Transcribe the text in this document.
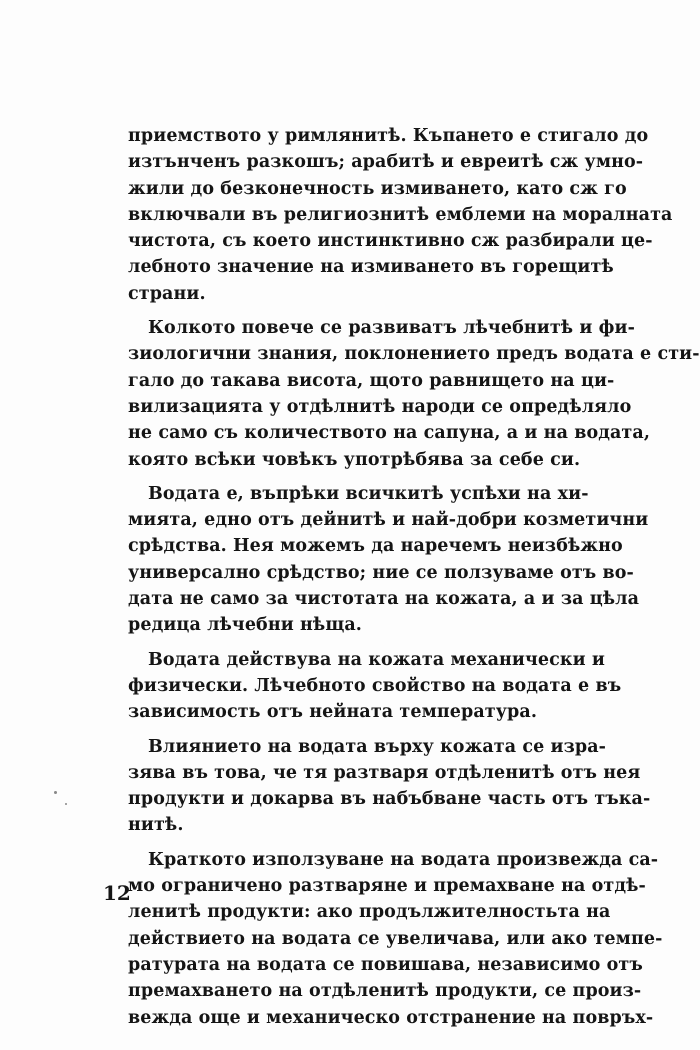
приемството у римлянитѣ. Къпането е стигало до
изтънченъ разкошъ; арабитѣ и евреитѣ сж умно-
жили до безконечность измиването, като сж го
включвали въ религиознитѣ емблеми на моралната
чистота, съ което инстинктивно сж разбирали це-
лебното значение на измиването въ горещитѣ
страни.
Колкото повече се развиватъ лѣчебнитѣ и фи-
зиологични знания, поклонението предъ водата е сти-
гало до такава висота, щото равнището на ци-
вилизацията у отдѣлнитѣ народи се опредѣляло
не само съ количеството на сапуна, а и на водата,
която всѣки човѣкъ употрѣбява за себе си.
Водата е, въпрѣки всичкитѣ успѣхи на хи-
мията, едно отъ дейнитѣ и най-добри козметични
срѣдства. Нея можемъ да наречемъ неизбѣжно
универсално срѣдство; ние се ползуваме отъ во-
дата не само за чистотата на кожата, а и за цѣла
редица лѣчебни нѣща.
Водата действува на кожата механически и
физически. Лѣчебното свойство на водата е въ
зависимость отъ нейната температура.
Влиянието на водата върху кожата се изра-
зява въ това, че тя разтваря отдѣленитѣ отъ нея
продукти и докарва въ набъбване часть отъ тъка-
нитѣ.
Краткото използуване на водата произвежда са-
мо ограничено разтваряне и премахване на отдѣ-
ленитѣ продукти: ако продължителностьта на
действието на водата се увеличава, или ако темпе-
ратурата на водата се повишава, независимо отъ
премахването на отдѣленитѣ продукти, се произ-
вежда още и механическо отстранение на повръх-
12
